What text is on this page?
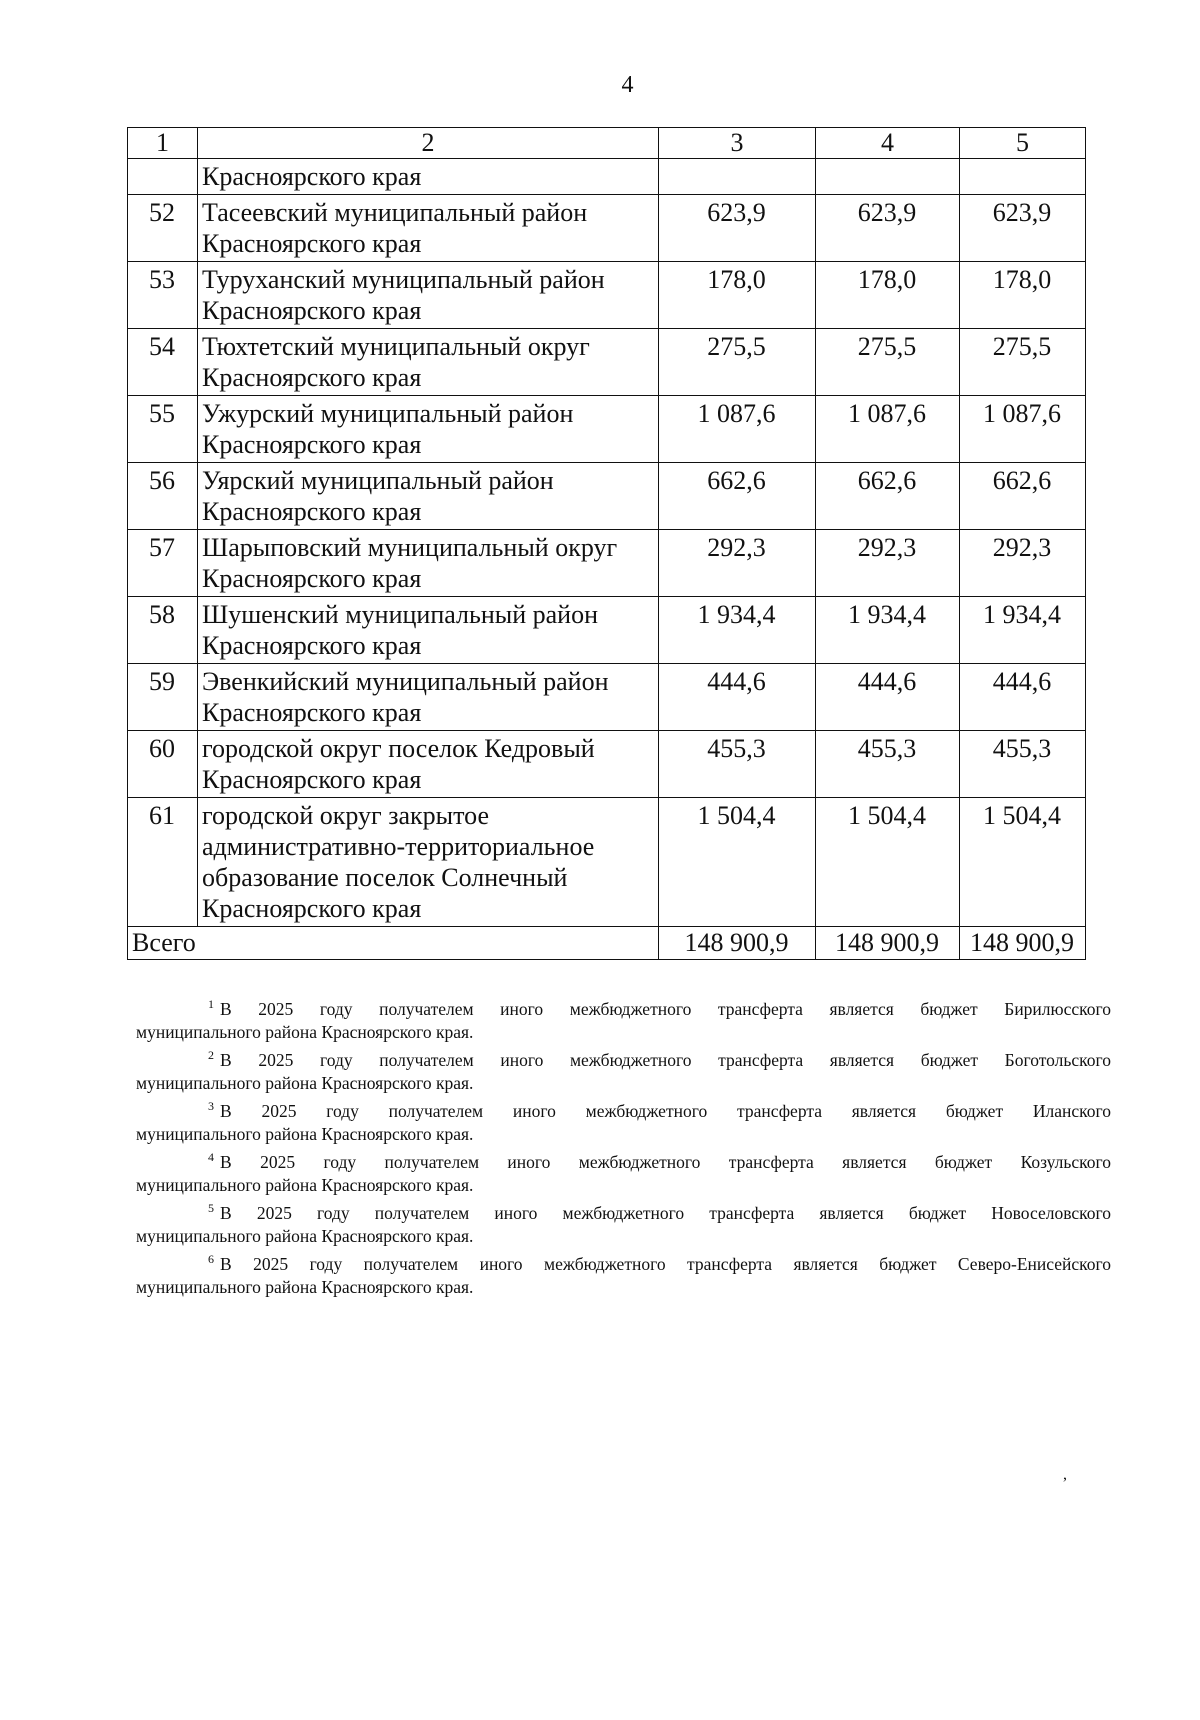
4
1	2	3	4	5
	Красноярского края			
52	Тасеевский муниципальный район Красноярского края	623,9	623,9	623,9
53	Туруханский муниципальный район Красноярского края	178,0	178,0	178,0
54	Тюхтетский муниципальный округ Красноярского края	275,5	275,5	275,5
55	Ужурский муниципальный район Красноярского края	1 087,6	1 087,6	1 087,6
56	Уярский муниципальный район Красноярского края	662,6	662,6	662,6
57	Шарыповский муниципальный округ Красноярского края	292,3	292,3	292,3
58	Шушенский муниципальный район Красноярского края	1 934,4	1 934,4	1 934,4
59	Эвенкийский муниципальный район Красноярского края	444,6	444,6	444,6
60	городской округ поселок Кедровый Красноярского края	455,3	455,3	455,3
61	городской округ закрытое административно-территориальное образование поселок Солнечный Красноярского края	1 504,4	1 504,4	1 504,4
Всего		148 900,9	148 900,9	148 900,9

$^1$ В 2025 году получателем иного межбюджетного трансферта является бюджет Бирилюсского
муниципального района Красноярского края.

$^2$ В 2025 году получателем иного межбюджетного трансферта является бюджет Боготольского
муниципального района Красноярского края.

$^3$ В 2025 году получателем иного межбюджетного трансферта является бюджет Иланского
муниципального района Красноярского края.

$^4$ В 2025 году получателем иного межбюджетного трансферта является бюджет Козульского
муниципального района Красноярского края.

$^5$ В 2025 году получателем иного межбюджетного трансферта является бюджет Новоселовского
муниципального района Красноярского края.

$^6$ В 2025 году получателем иного межбюджетного трансферта является бюджет Северо-Енисейского
муниципального района Красноярского края.

,
